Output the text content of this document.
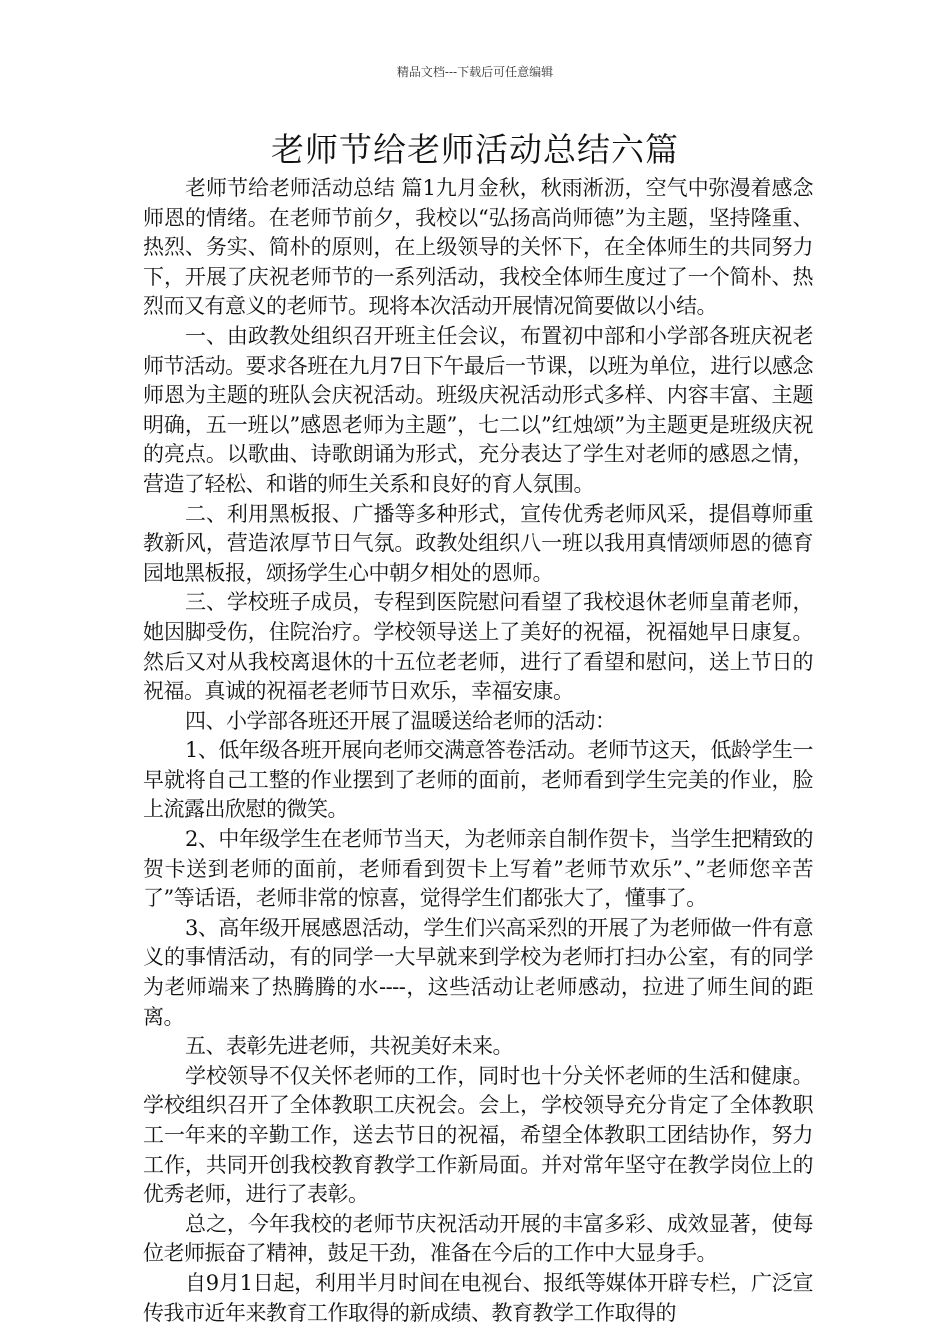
精品文档---下载后可任意编辑
老师节给老师活动总结六篇

老师节给老师活动总结 篇1九月金秋，秋雨淅沥，空气中弥漫着感念师恩的情绪。在老师节前夕，我校以“弘扬高尚师德”为主题，坚持隆重、热烈、务实、简朴的原则，在上级领导的关怀下，在全体师生的共同努力下，开展了庆祝老师节的一系列活动，我校全体师生度过了一个简朴、热烈而又有意义的老师节。现将本次活动开展情况简要做以小结。

一、由政教处组织召开班主任会议，布置初中部和小学部各班庆祝老师节活动。要求各班在九月7日下午最后一节课，以班为单位，进行以感念师恩为主题的班队会庆祝活动。班级庆祝活动形式多样、内容丰富、主题明确，五一班以”感恩老师为主题”，七二以”红烛颂”为主题更是班级庆祝的亮点。以歌曲、诗歌朗诵为形式，充分表达了学生对老师的感恩之情，营造了轻松、和谐的师生关系和良好的育人氛围。

二、利用黑板报、广播等多种形式，宣传优秀老师风采，提倡尊师重教新风，营造浓厚节日气氛。政教处组织八一班以我用真情颂师恩的德育园地黑板报，颂扬学生心中朝夕相处的恩师。

三、学校班子成员，专程到医院慰问看望了我校退休老师皇莆老师，她因脚受伤，住院治疗。学校领导送上了美好的祝福，祝福她早日康复。然后又对从我校离退休的十五位老老师，进行了看望和慰问，送上节日的祝福。真诚的祝福老老师节日欢乐，幸福安康。

四、小学部各班还开展了温暖送给老师的活动：

1、低年级各班开展向老师交满意答卷活动。老师节这天，低龄学生一早就将自己工整的作业摆到了老师的面前，老师看到学生完美的作业，脸上流露出欣慰的微笑。

2、中年级学生在老师节当天，为老师亲自制作贺卡，当学生把精致的贺卡送到老师的面前，老师看到贺卡上写着”老师节欢乐”、”老师您辛苦了”等话语，老师非常的惊喜，觉得学生们都张大了，懂事了。

3、高年级开展感恩活动，学生们兴高采烈的开展了为老师做一件有意义的事情活动，有的同学一大早就来到学校为老师打扫办公室，有的同学为老师端来了热腾腾的水----，这些活动让老师感动，拉进了师生间的距离。

五、表彰先进老师，共祝美好未来。

学校领导不仅关怀老师的工作，同时也十分关怀老师的生活和健康。学校组织召开了全体教职工庆祝会。会上，学校领导充分肯定了全体教职工一年来的辛勤工作，送去节日的祝福，希望全体教职工团结协作，努力工作，共同开创我校教育教学工作新局面。并对常年坚守在教学岗位上的优秀老师，进行了表彰。

总之，今年我校的老师节庆祝活动开展的丰富多彩、成效显著，使每位老师振奋了精神，鼓足干劲，准备在今后的工作中大显身手。

自9月1日起，利用半月时间在电视台、报纸等媒体开辟专栏，广泛宣传我市近年来教育工作取得的新成绩、教育教学工作取得的
